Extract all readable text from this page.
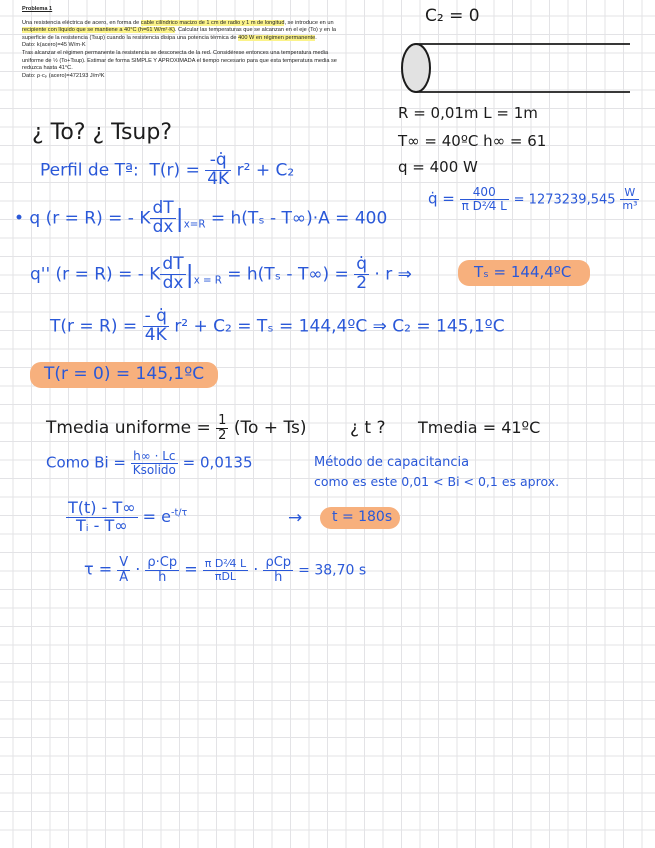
Problema 1

Una resistencia eléctrica de acero, en forma de cable cilíndrico macizo de 1 cm de radio y 1 m de longitud, se introduce en un recipiente con líquido que se mantiene a 40°C (h=61 W/m²·K). Calcular las temperaturas que se alcanzan en el eje (To) y en la superficie de la resistencia (Tsup) cuando la resistencia disipa una potencia térmica de 400 W en régimen permanente.

Dato: k(acero)=45 W/m·K

Tras alcanzar el régimen permanente la resistencia se desconecta de la red. Considérese entonces una temperatura media uniforme de ½ (To+Tsup). Estimar de forma SIMPLE Y APROXIMADA el tiempo necesario para que esta temperatura media se reduzca hasta 41°C.

Dato: ρ·cₚ (acero)=472193 J/m³K

C₂ = 0
R = 0,01m L = 1m
T∞ = 40ºC h∞ = 61
q = 400 W
¿ To? ¿ Tsup?
Perfil de Tª: $T(r) = \frac{-q̇}{4K} r^2 + C_2$
q̇ = $\frac{400}{\text{π D²⁄4 L}} = 1273239,545 \frac{W}{\text{m³}}$
• q (r = R) = - K $\frac{dT}{dx} |_{x=R} = h(T_s - T\infty)\cdot A = 400$
q'' (r = R) = - K $\frac{dT}{dx} |_{x = R} = h(T_s - T\infty) = \frac{q̇}{2} \cdot r$ ⇒	Tₛ = 144,4ºC
$T(r = R) = \frac{- q̇}{4K} r^2 + C_2 = T_s$ = 144,4ºC ⇒ C₂ = 145,1ºC
T(r = 0) = 145,1ºC
Tmedia uniforme = $\frac{1}{2} (To + Ts)$	¿ t ? Tmedia = 41ºC
Como $Bi = \frac{h\infty \cdot Lc}{\text{Ksolido}} = 0,0135$	Método de capacitancia
como es este 0,01 < Bi < 0,1 es aprox.
$\frac{T(t) - T\infty}{\text{Tᵢ - T∞}} = e^{-t/\tau}$	→ t = 180s
$\tau = \frac{V}{A} \cdot \frac{\rho\cdot Cp}{h} = \frac{\text{π D²⁄4 L}}{\text{πDL}} \cdot \frac{\text{ρCp}}{h} = 38,70$ s
